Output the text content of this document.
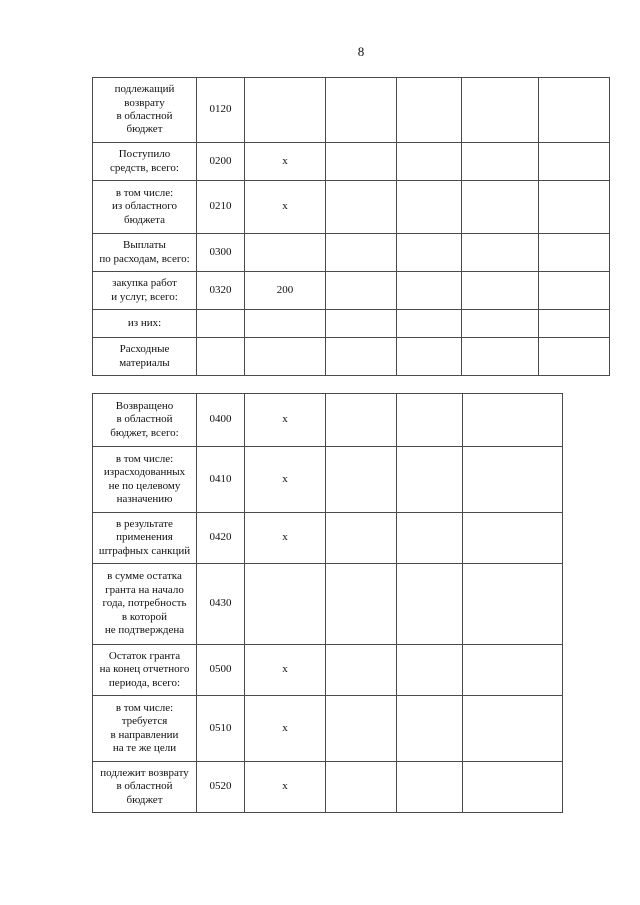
8
подлежащий
возврату
в областной
бюджет	0120					

Поступило
средств, всего:	0200	x				

в том числе:
из областного
бюджета	0210	x				

Выплаты
по расходам, всего:	0300					

закупка работ
и услуг, всего:	0320	200				

из них:						

Расходные
материалы						

Возвращено
в областной
бюджет, всего:	0400	x			

в том числе:
израсходованных
не по целевому
назначению	0410	x			

в результате
применения
штрафных санкций	0420	x			

в сумме остатка
гранта на начало
года, потребность
в которой
не подтверждена	0430				

Остаток гранта
на конец отчетного
периода, всего:	0500	x			

в том числе:
требуется
в направлении
на те же цели	0510	x			

подлежит возврату
в областной
бюджет	0520	x			
